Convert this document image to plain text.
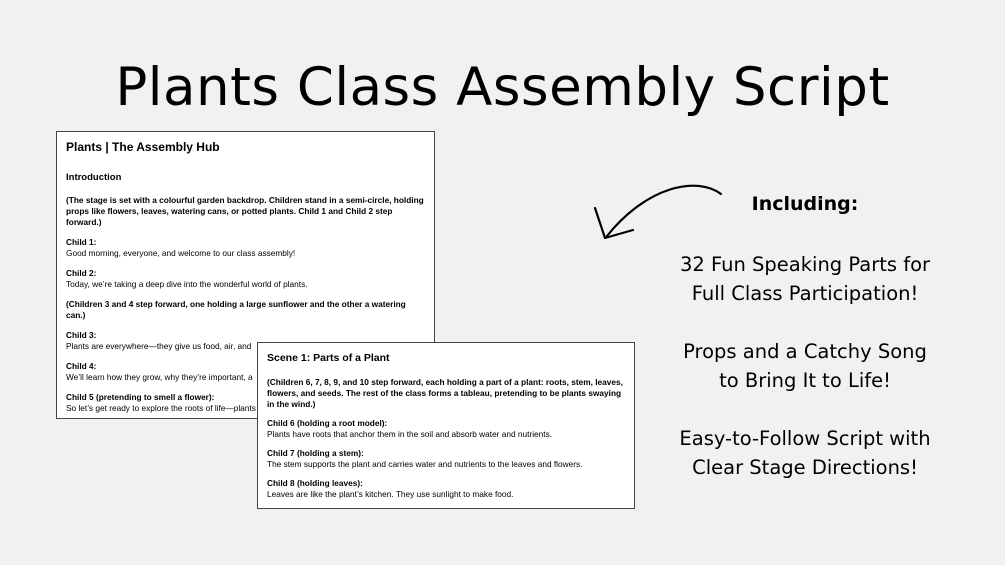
Plants Class Assembly Script
Plants | The Assembly Hub
Introduction
(The stage is set with a colourful garden backdrop. Children stand in a semi-circle, holding props like flowers, leaves, watering cans, or potted plants. Child 1 and Child 2 step forward.)
Child 1:
Good morning, everyone, and welcome to our class assembly!
Child 2:
Today, we’re taking a deep dive into the wonderful world of plants.
(Children 3 and 4 step forward, one holding a large sunflower and the other a watering can.)
Child 3:
Plants are everywhere—they give us food, air, and
Child 4:
We’ll learn how they grow, why they’re important, a
Child 5 (pretending to smell a flower):
So let’s get ready to explore the roots of life—plants
Scene 1: Parts of a Plant
(Children 6, 7, 8, 9, and 10 step forward, each holding a part of a plant: roots, stem, leaves, flowers, and seeds. The rest of the class forms a tableau, pretending to be plants swaying in the wind.)
Child 6 (holding a root model):
Plants have roots that anchor them in the soil and absorb water and nutrients.
Child 7 (holding a stem):
The stem supports the plant and carries water and nutrients to the leaves and flowers.
Child 8 (holding leaves):
Leaves are like the plant’s kitchen. They use sunlight to make food.
Including:
32 Fun Speaking Parts for
Full Class Participation!
Props and a Catchy Song
to Bring It to Life!
Easy-to-Follow Script with
Clear Stage Directions!
